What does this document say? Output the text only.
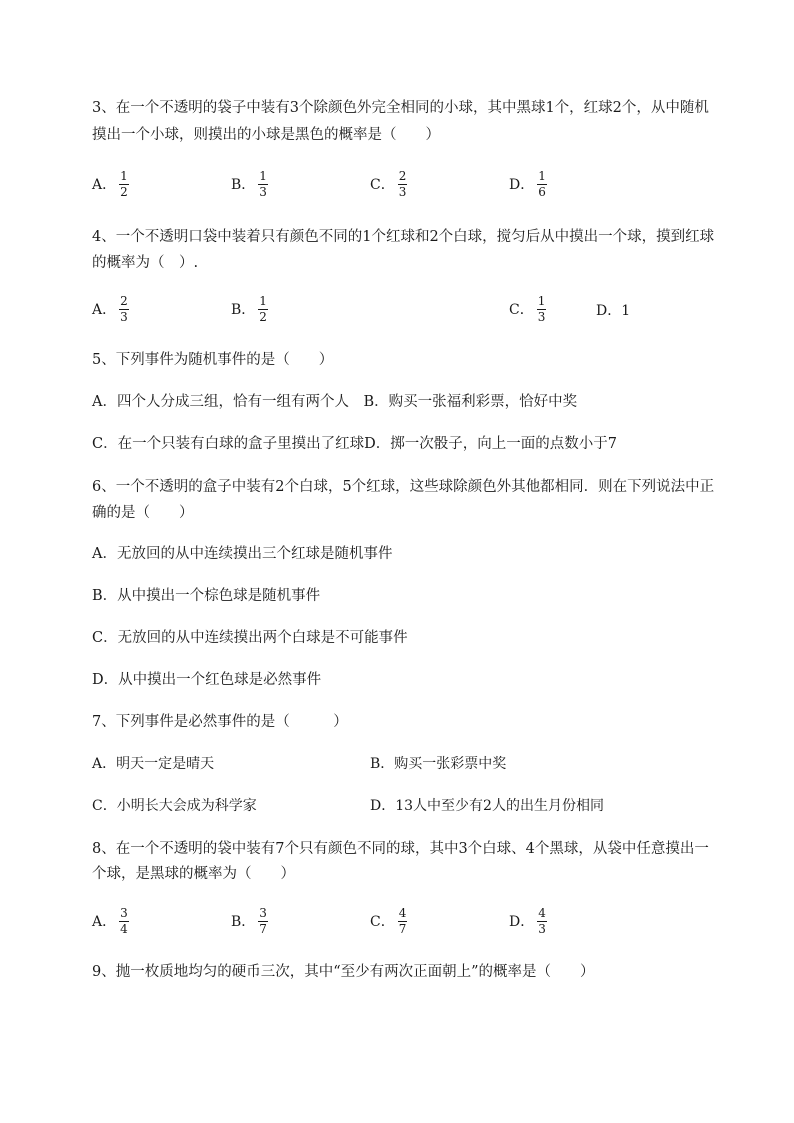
3、在一个不透明的袋子中装有3个除颜色外完全相同的小球，其中黑球1个，红球2个，从中随机
摸出一个小球，则摸出的小球是黑色的概率是（　　）
A． $\frac{1}{2}$	B． $\frac{1}{3}$	C． $\frac{2}{3}$	D． $\frac{1}{6}$
4、一个不透明口袋中装着只有颜色不同的1个红球和2个白球，搅匀后从中摸出一个球，摸到红球
的概率为（　）.
A． $\frac{2}{3}$	B． $\frac{1}{2}$	C． $\frac{1}{3}$	D．1
5、下列事件为随机事件的是（　　）
A．四个人分成三组，恰有一组有两个人　B．购买一张福利彩票，恰好中奖
C．在一个只装有白球的盒子里摸出了红球D．掷一次骰子，向上一面的点数小于7
6、一个不透明的盒子中装有2个白球，5个红球，这些球除颜色外其他都相同．则在下列说法中正
确的是（　　）
A．无放回的从中连续摸出三个红球是随机事件
B．从中摸出一个棕色球是随机事件
C．无放回的从中连续摸出两个白球是不可能事件
D．从中摸出一个红色球是必然事件
7、下列事件是必然事件的是（　　　）
A．明天一定是晴天	B．购买一张彩票中奖
C．小明长大会成为科学家	D．13人中至少有2人的出生月份相同
8、在一个不透明的袋中装有7个只有颜色不同的球，其中3个白球、4个黑球，从袋中任意摸出一
个球，是黑球的概率为（　　）
A． $\frac{3}{4}$	B． $\frac{3}{7}$	C． $\frac{4}{7}$	D． $\frac{4}{3}$
9、抛一枚质地均匀的硬币三次，其中“至少有两次正面朝上”的概率是（　　）
